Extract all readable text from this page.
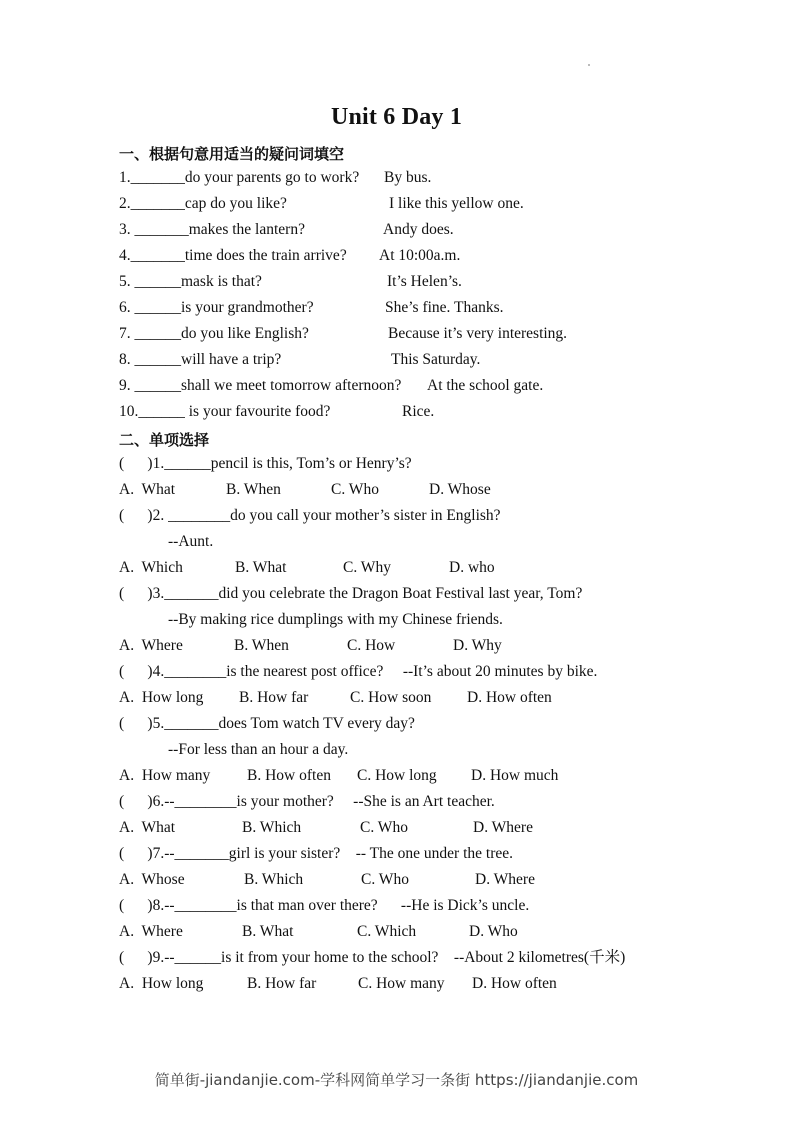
Unit 6 Day 1
一、根据句意用适当的疑问词填空
1._______do your parents go to work? By bus.
2._______cap do you like?	I like this yellow one.
3. _______makes the lantern?	Andy does.
4._______time does the train arrive? At 10:00a.m.
5. ______mask is that?	It’s Helen’s.
6. ______is your grandmother?	She’s fine. Thanks.
7. ______do you like English?	Because it’s very interesting.
8. ______will have a trip?	This Saturday.
9. ______shall we meet tomorrow afternoon? At the school gate.
10.______ is your favourite food?	Rice.
二、单项选择
(      )1.______pencil is this, Tom’s or Henry’s?
A.  What	B. When	C. Who	D. Whose
(      )2. ________do you call your mother’s sister in English?
--Aunt.
A.  Which	B. What	C. Why	D. who
(      )3._______did you celebrate the Dragon Boat Festival last year, Tom?
--By making rice dumplings with my Chinese friends.
A.  Where	B. When	C. How	D. Why
(      )4.________is the nearest post office?     --It’s about 20 minutes by bike.
A.  How long B. How far	C. How soon D. How often
(      )5._______does Tom watch TV every day?
--For less than an hour a day.
A.  How many B. How often C. How long D. How much
(      )6.--________is your mother?     --She is an Art teacher.
A.  What	B. Which	C. Who	D. Where
(      )7.--_______girl is your sister?    -- The one under the tree.
A.  Whose	B. Which	C. Who	D. Where
(      )8.--________is that man over there?      --He is Dick’s uncle.
A.  Where	B. What	C. Which	D. Who
(      )9.--______is it from your home to the school?    --About 2 kilometres(千米)
A.  How long	B. How far	C. How many D. How often
简单街-jiandanjie.com-学科网简单学习一条街 https://jiandanjie.com
